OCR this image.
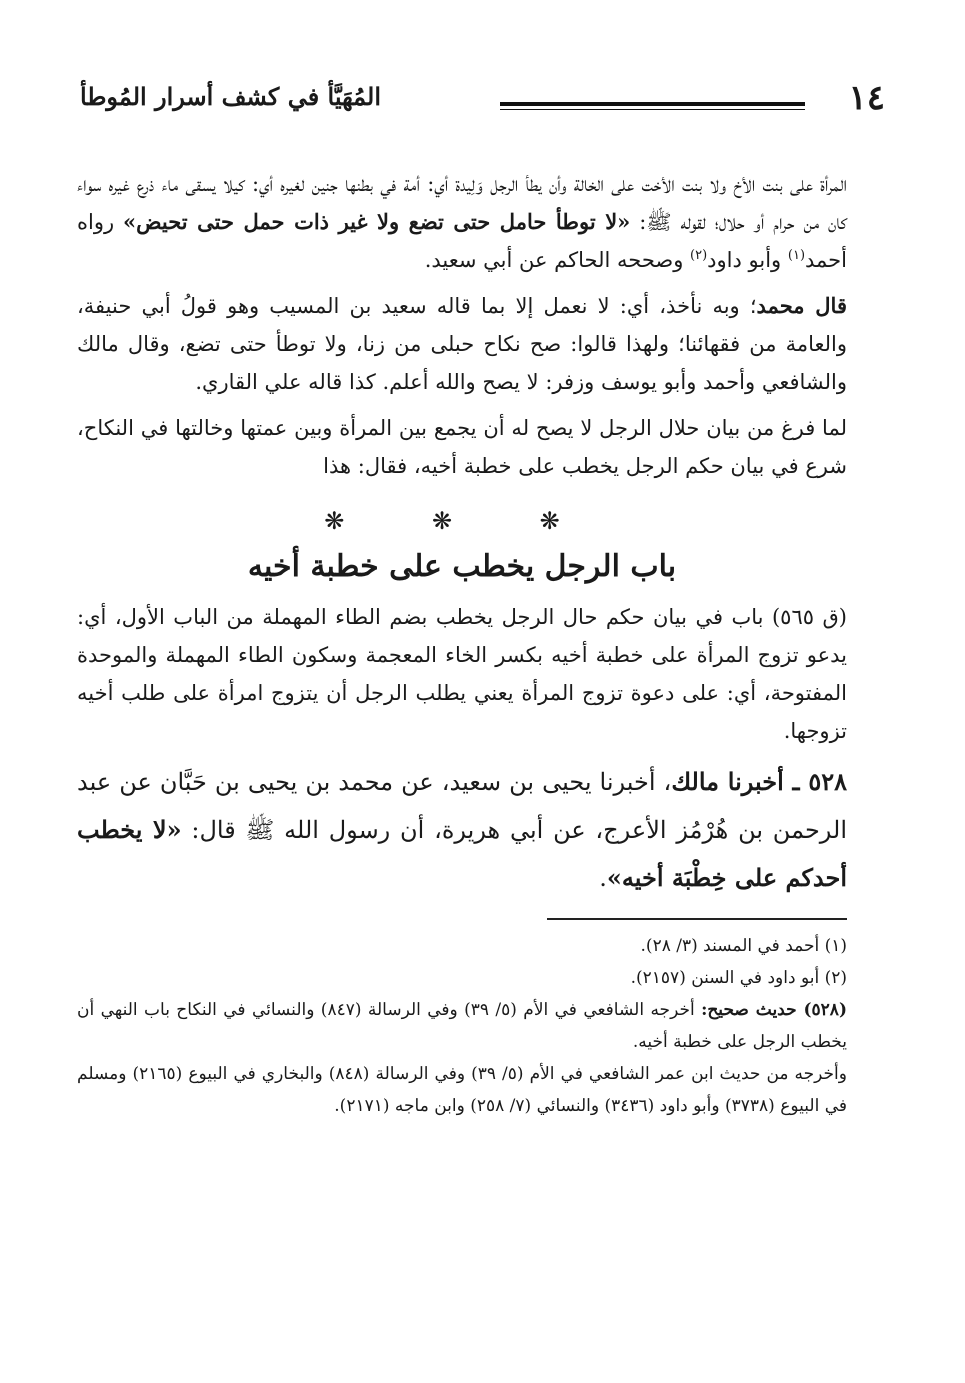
١٤
المُهَيَّأ في كشف أسرار المُوطأ

المرأة على بنت الأخ ولا بنت الأخت على الخالة وأن يطأ الرجل وَلِيدة أي: أمة في بطنها جنين لغيره أي: كيلا يسقى ماء ذرع غيره سواء كان من حرام أو حلال؛ لقوله ﷺ: «لا توطأ حامل حتى تضع ولا غير ذات حمل حتى تحيض» رواه أحمد$^{(١)}$ وأبو داود$^{(٢)}$ وصححه الحاكم عن أبي سعيد.

قال محمد؛ وبه نأخذ، أي: لا نعمل إلا بما قاله سعيد بن المسيب وهو قولُ أبي حنيفة، والعامة من فقهائنا؛ ولهذا قالوا: صح نكاح حبلى من زنا، ولا توطأ حتى تضع، وقال مالك والشافعي وأحمد وأبو يوسف وزفر: لا يصح والله أعلم. كذا قاله علي القاري.

لما فرغ من بيان حلال الرجل لا يصح له أن يجمع بين المرأة وبين عمتها وخالتها في النكاح، شرع في بيان حكم الرجل يخطب على خطبة أخيه، فقال: هذا

❋ ❋ ❋
باب الرجل يخطب على خطبة أخيه

(ق ٥٦٥) باب في بيان حكم حال الرجل يخطب بضم الطاء المهملة من الباب الأول، أي: يدعو تزوج المرأة على خطبة أخيه بكسر الخاء المعجمة وسكون الطاء المهملة والموحدة المفتوحة، أي: على دعوة تزوج المرأة يعني يطلب الرجل أن يتزوج امرأة على طلب أخيه تزوجها.

٥٢٨ ـ أخبرنا مالك، أخبرنا يحيى بن سعيد، عن محمد بن يحيى بن حَبَّان عن عبد الرحمن بن هُرْمُز الأعرج، عن أبي هريرة، أن رسول الله ﷺ قال: «لا يخطب أحدكم على خِطْبَة أخيه».

(١) أحمد في المسند (٣/ ٢٨).

(٢) أبو داود في السنن (٢١٥٧).

(٥٢٨) حديث صحيح: أخرجه الشافعي في الأم (٥/ ٣٩) وفي الرسالة (٨٤٧) والنسائي في النكاح باب النهي أن يخطب الرجل على خطبة أخيه.

وأخرجه من حديث ابن عمر الشافعي في الأم (٥/ ٣٩) وفي الرسالة (٨٤٨) والبخاري في البيوع (٢١٦٥) ومسلم في البيوع (٣٧٣٨) وأبو داود (٣٤٣٦) والنسائي (٧/ ٢٥٨) وابن ماجه (٢١٧١).
